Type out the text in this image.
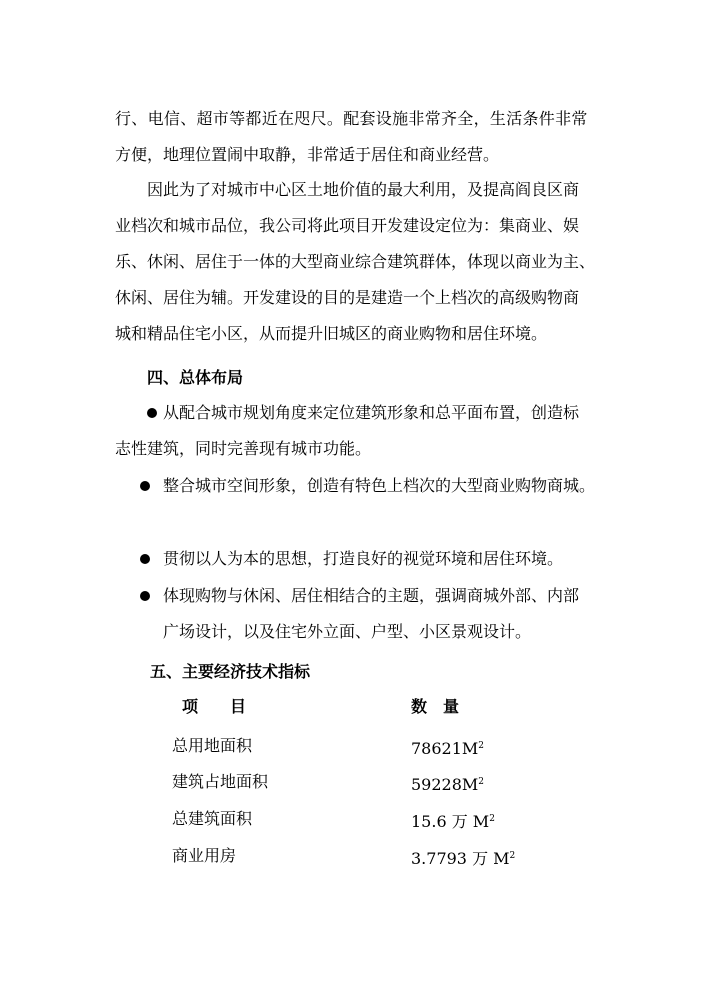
行、电信、超市等都近在咫尺。配套设施非常齐全，生活条件非常
方便，地理位置闹中取静，非常适于居住和商业经营。
因此为了对城市中心区土地价值的最大利用，及提高阎良区商
业档次和城市品位，我公司将此项目开发建设定位为：集商业、娱
乐、休闲、居住于一体的大型商业综合建筑群体，体现以商业为主、
休闲、居住为辅。开发建设的目的是建造一个上档次的高级购物商
城和精品住宅小区，从而提升旧城区的商业购物和居住环境。
四、总体布局
从配合城市规划角度来定位建筑形象和总平面布置，创造标
志性建筑，同时完善现有城市功能。
整合城市空间形象，创造有特色上档次的大型商业购物商城。
贯彻以人为本的思想，打造良好的视觉环境和居住环境。
体现购物与休闲、居住相结合的主题，强调商城外部、内部
广场设计，以及住宅外立面、户型、小区景观设计。
五、主要经济技术指标
项　　目	数　量
总用地面积	$78621M^2$
建筑占地面积	$59228M^2$
总建筑面积	15.6 万 $M^2$
商业用房	3.7793 万 $M^2$
